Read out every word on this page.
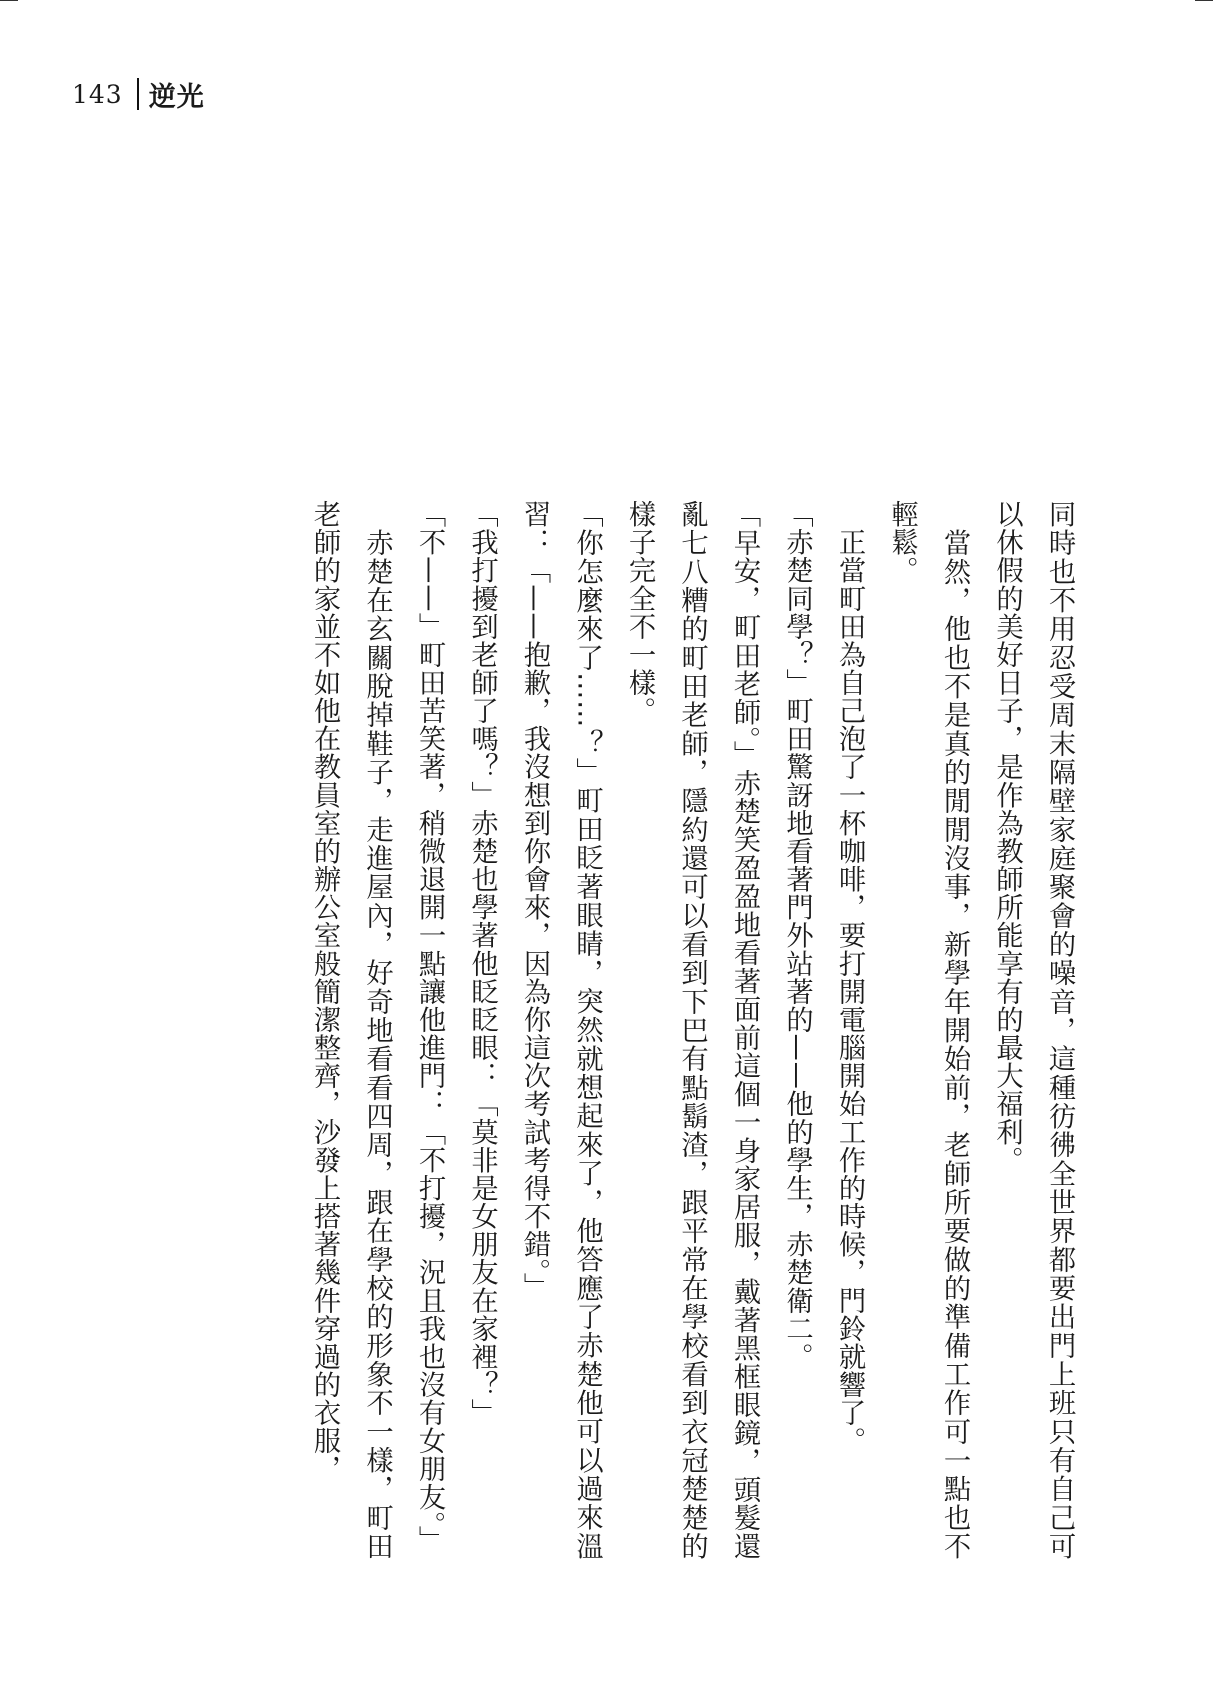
143 逆光

同時也不用忍受周末隔壁家庭聚會的噪音，這種彷彿全世界都要出門上班只有自己可以休假的美好日子，是作為教師所能享有的最大福利。

　當然，他也不是真的閒閒沒事，新學年開始前，老師所要做的準備工作可一點也不輕鬆。

　正當町田為自己泡了一杯咖啡，要打開電腦開始工作的時候，門鈴就響了。

「赤楚同學？」町田驚訝地看著門外站著的——他的學生，赤楚衛二。

「早安，町田老師。」赤楚笑盈盈地看著面前這個一身家居服，戴著黑框眼鏡，頭髮還亂七八糟的町田老師，隱約還可以看到下巴有點鬍渣，跟平常在學校看到衣冠楚楚的樣子完全不一樣。

「你怎麼來了……？」町田眨著眼睛，突然就想起來了，他答應了赤楚他可以過來溫習：「——抱歉，我沒想到你會來，因為你這次考試考得不錯。」

「我打擾到老師了嗎？」赤楚也學著他眨眨眼：「莫非是女朋友在家裡？」

「不——」町田苦笑著，稍微退開一點讓他進門：「不打擾，況且我也沒有女朋友。」

　赤楚在玄關脫掉鞋子，走進屋內，好奇地看看四周，跟在學校的形象不一樣，町田老師的家並不如他在教員室的辦公室般簡潔整齊，沙發上搭著幾件穿過的衣服，
